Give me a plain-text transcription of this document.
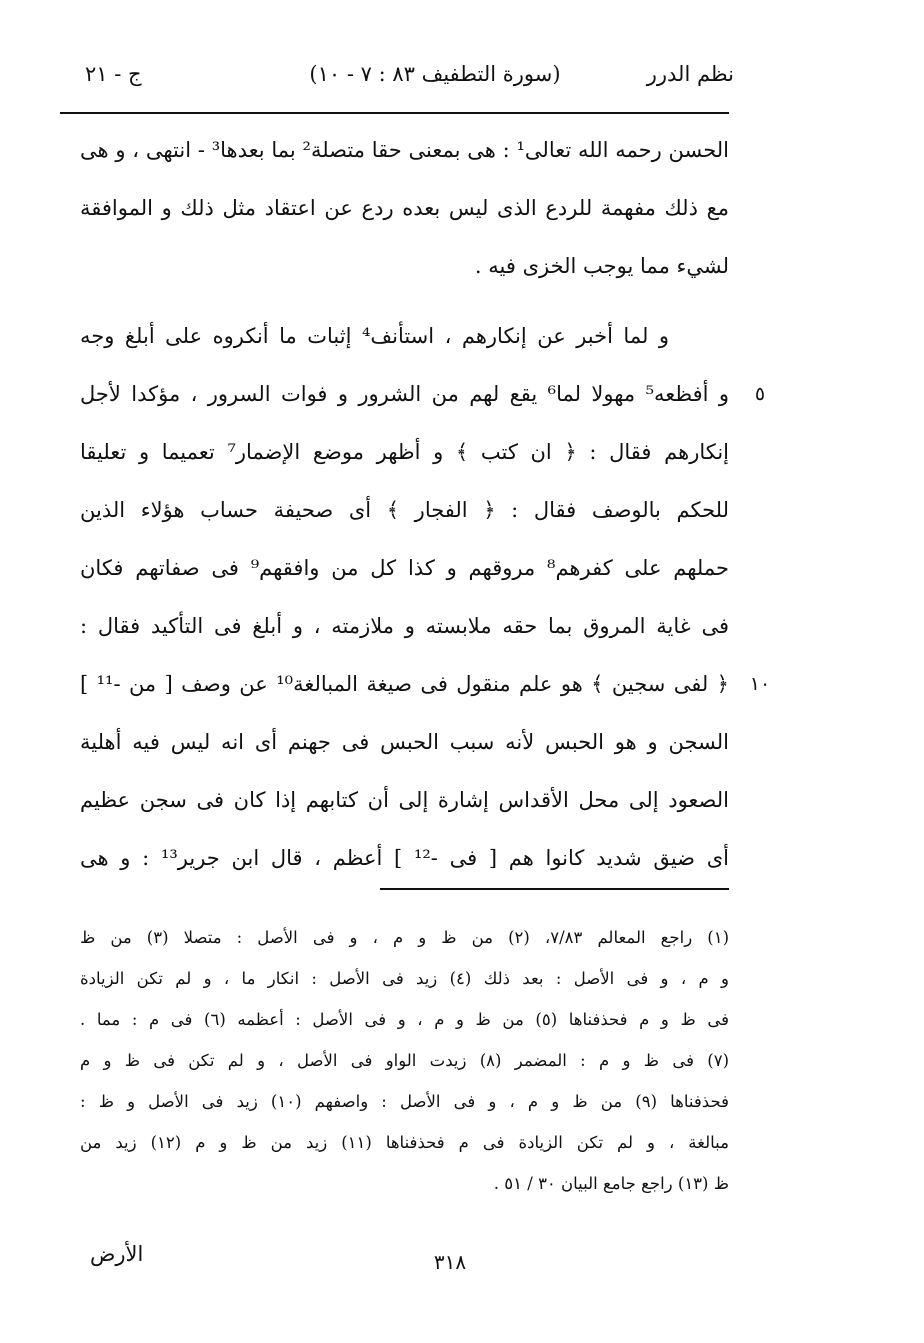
نظم الدرر
(سورة التطفيف ٨٣ : ٧ - ١٠)
ج - ٢١
الحسن رحمه الله تعالى¹ : هى بمعنى حقا متصلة² بما بعدها³ - انتهى ، و هى
مع ذلك مفهمة للردع الذى ليس بعده ردع عن اعتقاد مثل ذلك و الموافقة
لشيء مما يوجب الخزى فيه .
و لما أخبر عن إنكارهم ، استأنف⁴ إثبات ما أنكروه على أبلغ وجه
و أفظعه⁵ مهولا لما⁶ يقع لهم من الشرور و فوات السرور ، مؤكدا لأجل
إنكارهم فقال : ﴿ ان كتب ﴾ و أظهر موضع الإضمار⁷ تعميما و تعليقا
للحكم بالوصف فقال : ﴿ الفجار ﴾ أى صحيفة حساب هؤلاء الذين
حملهم على كفرهم⁸ مروقهم و كذا كل من وافقهم⁹ فى صفاتهم فكان
فى غاية المروق بما حقه ملابسته و ملازمته ، و أبلغ فى التأكيد فقال :
﴿ لفى سجين ﴾ هو علم منقول فى صيغة المبالغة¹⁰ عن وصف [ من -¹¹ ]
السجن و هو الحبس لأنه سبب الحبس فى جهنم أى انه ليس فيه أهلية
الصعود إلى محل الأقداس إشارة إلى أن كتابهم إذا كان فى سجن عظيم
أى ضيق شديد كانوا هم [ فى -¹² ] أعظم ، قال ابن جرير¹³ : و هى
٥
١٠
(١) راجع المعالم ٧/٨٣، (٢) من ظ و م ، و فى الأصل : متصلا (٣) من ظ
و م ، و فى الأصل : بعد ذلك (٤) زيد فى الأصل : انكار ما ، و لم تكن الزيادة
فى ظ و م فحذفناها (٥) من ظ و م ، و فى الأصل : أعظمه (٦) فى م : مما .
(٧) فى ظ و م : المضمر (٨) زيدت الواو فى الأصل ، و لم تكن فى ظ و م
فحذفناها (٩) من ظ و م ، و فى الأصل : واصفهم (١٠) زيد فى الأصل و ظ :
مبالغة ، و لم تكن الزيادة فى م فحذفناها (١١) زيد من ظ و م (١٢) زيد من
ظ (١٣) راجع جامع البيان ٣٠ / ٥١ .
الأرض	٣١٨
